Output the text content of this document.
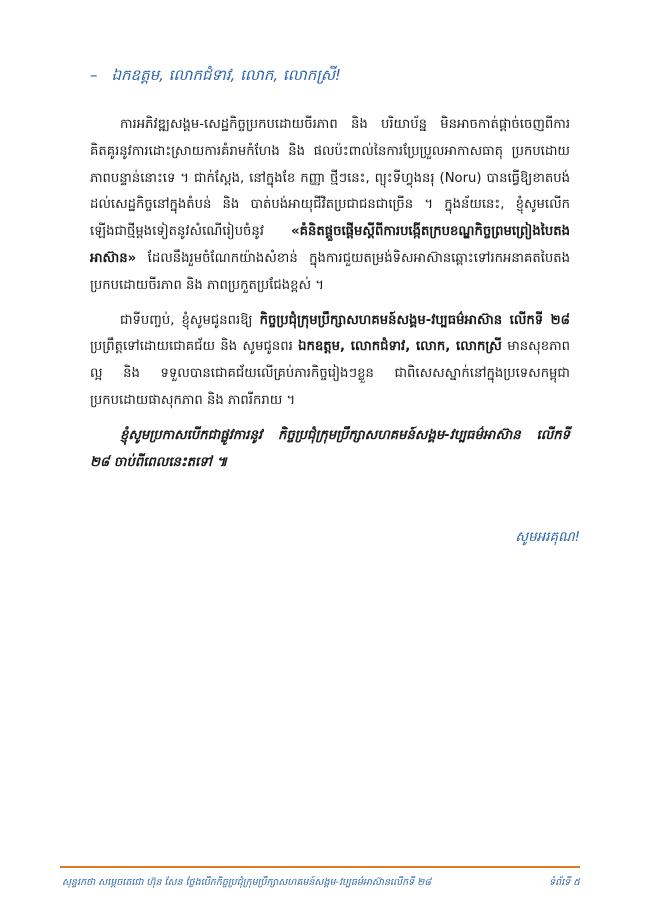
– ឯកឧត្តម, លោកជំទាវ, លោក, លោកស្រី!

ការអភិវឌ្ឍសង្គម-សេដ្ឋកិច្ចប្រកបដោយចីរភាព និង បរិយាប័ន្ន មិនអាចកាត់ផ្តាច់ចេញពីការគិតគូរនូវការដោះស្រាយការគំរាមកំហែង និង ផលប៉ះពាល់នៃការប្រែប្រួលអាកាសធាតុ ប្រកបដោយភាពបន្ទាន់នោះទេ ។ ជាក់ស្តែង, នៅក្នុងខែ កញ្ញា ថ្មីៗនេះ, ព្យុះទីហ្វុងនរុ (Noru) បានធ្វើឱ្យខាតបង់ដល់សេដ្ឋកិច្ចនៅក្នុងតំបន់ និង បាត់បង់អាយុជីវិតប្រជាជនជាច្រើន ។ ក្នុងន័យនេះ, ខ្ញុំសូមលើកឡើងជាថ្មីម្តងទៀតនូវសំណើរៀបចំនូវ «គំនិតផ្តួចផ្តើមស្តីពីការបង្កើតក្របខណ្ឌកិច្ចព្រមព្រៀងបៃតងអាស៊ាន» ដែលនឹងរួមចំណែកយ៉ាងសំខាន់ ក្នុងការជួយតម្រង់ទិសអាស៊ានឆ្ពោះទៅរកអនាគតបៃតងប្រកបដោយចីរភាព និង ភាពប្រកួតប្រជែងខ្ពស់ ។

ជាទីបញ្ចប់, ខ្ញុំសូមជូនពរឱ្យ កិច្ចប្រជុំក្រុមប្រឹក្សាសហគមន៍សង្គម-វប្បធម៌អាស៊ាន លើកទី ២៨ ប្រព្រឹត្តទៅដោយជោគជ័យ និង សូមជូនពរ ឯកឧត្តម, លោកជំទាវ, លោក, លោកស្រី មានសុខភាពល្អ និង ទទួលបានជោគជ័យលើគ្រប់ភារកិច្ចរៀងៗខ្លួន ជាពិសេសស្នាក់នៅក្នុងប្រទេសកម្ពុជា ប្រកបដោយផាសុកភាព និង ភាពរីករាយ ។

ខ្ញុំសូមប្រកាសបើកជាផ្លូវការនូវ កិច្ចប្រជុំក្រុមប្រឹក្សាសហគមន៍សង្គម-វប្បធម៌អាស៊ាន លើកទី ២៨ ចាប់ពីពេលនេះតទៅ ៕

សូមអរគុណ!
សុន្ទរកថា សម្តេចតេជោ ហ៊ុន សែន ថ្លែងបើកកិច្ចប្រជុំក្រុមប្រឹក្សាសហគមន៍សង្គម-វប្បធម៌អាស៊ានលើកទី ២៨	ទំព័រទី ៥
